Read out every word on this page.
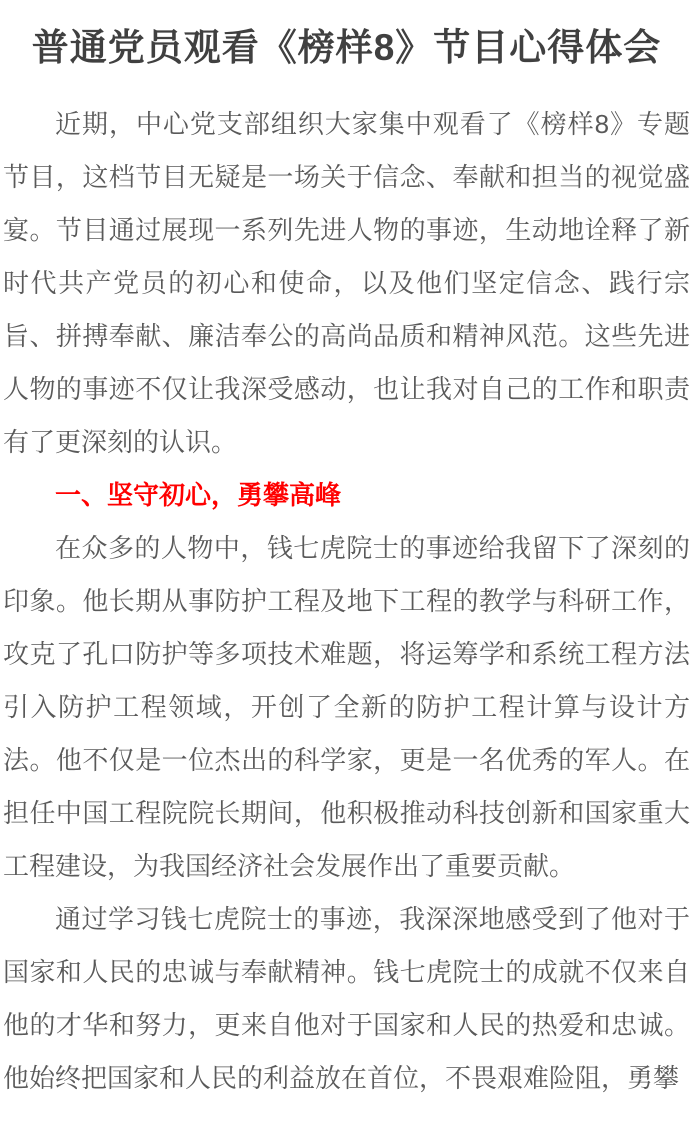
普通党员观看《榜样8》节目心得体会

近期，中心党支部组织大家集中观看了《榜样8》专题节目，这档节目无疑是一场关于信念、奉献和担当的视觉盛宴。节目通过展现一系列先进人物的事迹，生动地诠释了新时代共产党员的初心和使命，以及他们坚定信念、践行宗旨、拼搏奉献、廉洁奉公的高尚品质和精神风范。这些先进人物的事迹不仅让我深受感动，也让我对自己的工作和职责有了更深刻的认识。

一、坚守初心，勇攀高峰

在众多的人物中，钱七虎院士的事迹给我留下了深刻的印象。他长期从事防护工程及地下工程的教学与科研工作，攻克了孔口防护等多项技术难题，将运筹学和系统工程方法引入防护工程领域，开创了全新的防护工程计算与设计方法。他不仅是一位杰出的科学家，更是一名优秀的军人。在担任中国工程院院长期间，他积极推动科技创新和国家重大工程建设，为我国经济社会发展作出了重要贡献。

通过学习钱七虎院士的事迹，我深深地感受到了他对于国家和人民的忠诚与奉献精神。钱七虎院士的成就不仅来自他的才华和努力，更来自他对于国家和人民的热爱和忠诚。他始终把国家和人民的利益放在首位，不畏艰难险阻，勇攀
